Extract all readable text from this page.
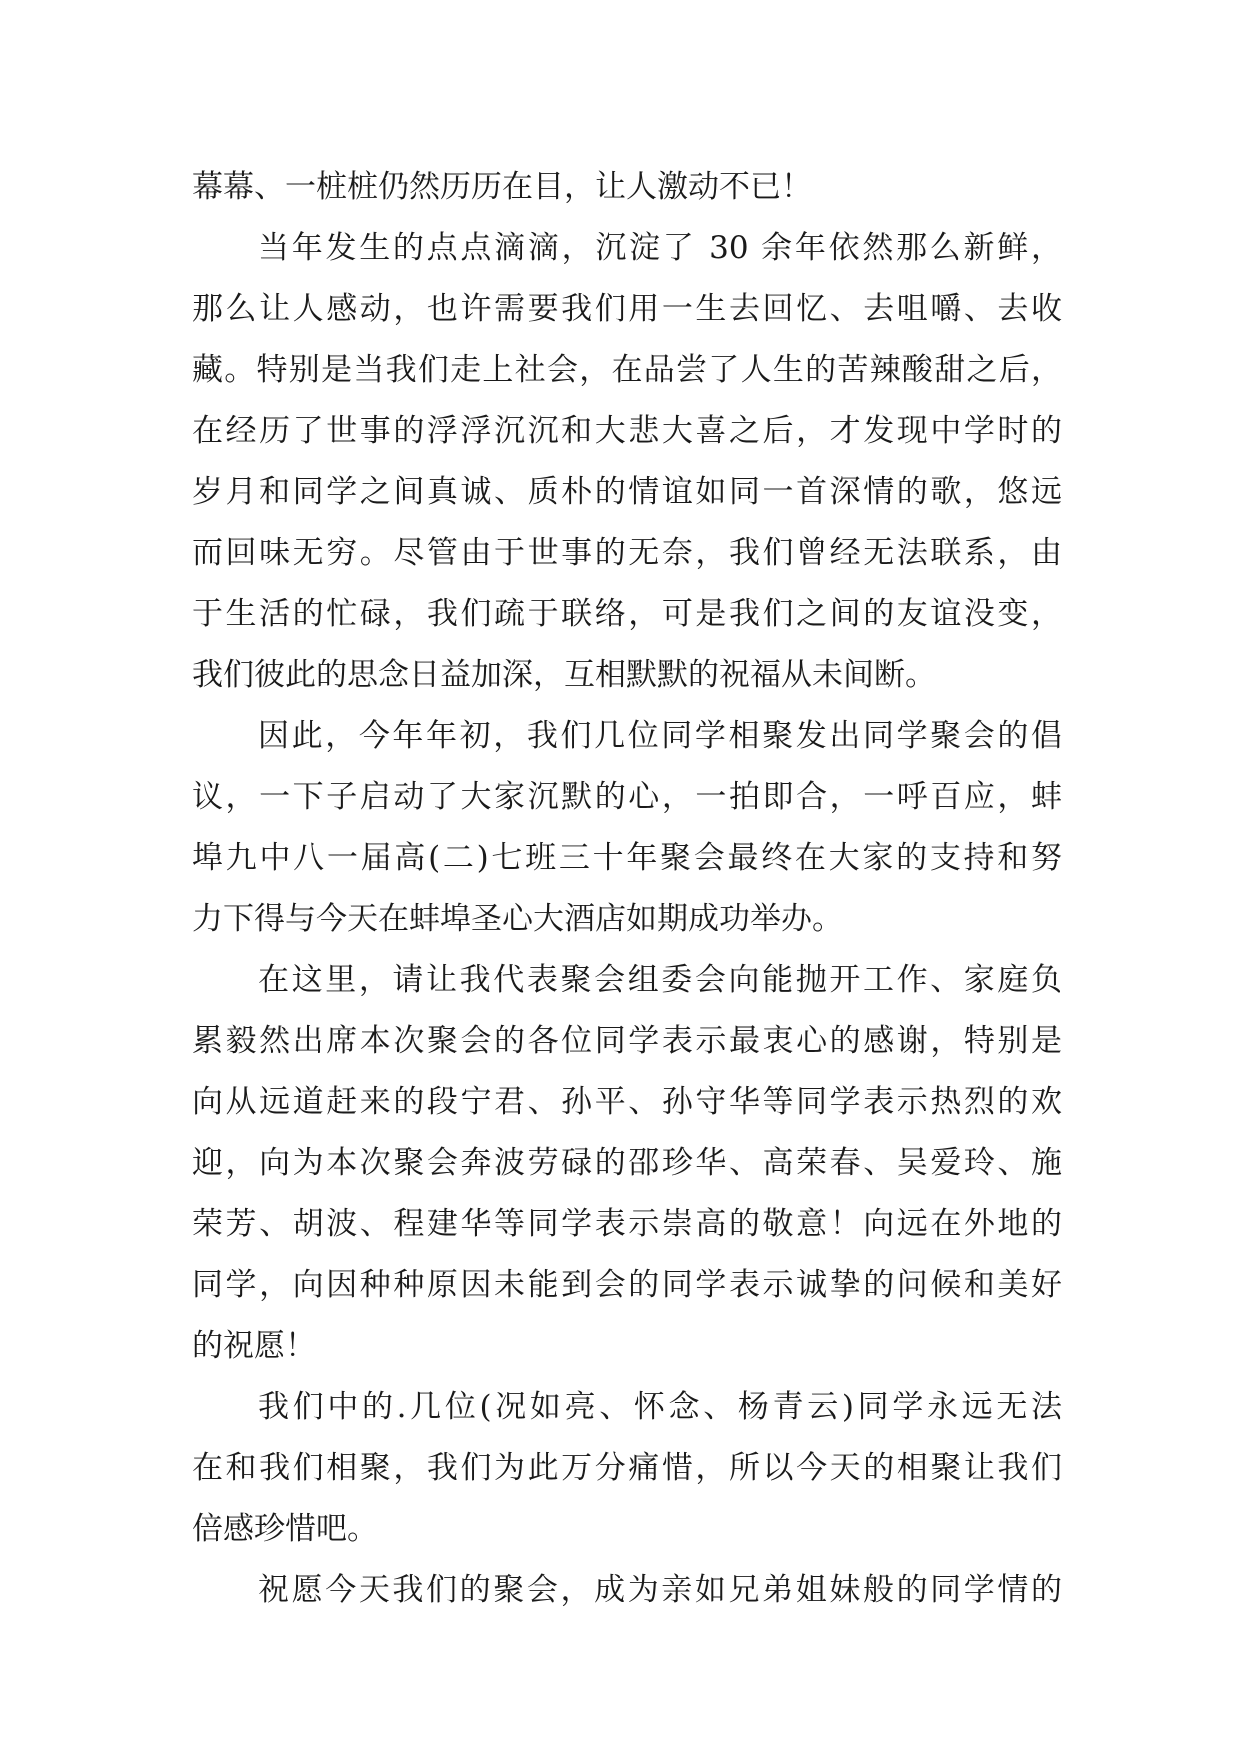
幕幕、一桩桩仍然历历在目，让人激动不已！
当年发生的点点滴滴，沉淀了 30 余年依然那么新鲜，
那么让人感动，也许需要我们用一生去回忆、去咀嚼、去收
藏。特别是当我们走上社会，在品尝了人生的苦辣酸甜之后，
在经历了世事的浮浮沉沉和大悲大喜之后，才发现中学时的
岁月和同学之间真诚、质朴的情谊如同一首深情的歌，悠远
而回味无穷。尽管由于世事的无奈，我们曾经无法联系，由
于生活的忙碌，我们疏于联络，可是我们之间的友谊没变，
我们彼此的思念日益加深，互相默默的祝福从未间断。
因此，今年年初，我们几位同学相聚发出同学聚会的倡
议，一下子启动了大家沉默的心，一拍即合，一呼百应，蚌
埠九中八一届高(二)七班三十年聚会最终在大家的支持和努
力下得与今天在蚌埠圣心大酒店如期成功举办。
在这里，请让我代表聚会组委会向能抛开工作、家庭负
累毅然出席本次聚会的各位同学表示最衷心的感谢，特别是
向从远道赶来的段宁君、孙平、孙守华等同学表示热烈的欢
迎，向为本次聚会奔波劳碌的邵珍华、高荣春、吴爱玲、施
荣芳、胡波、程建华等同学表示崇高的敬意！向远在外地的
同学，向因种种原因未能到会的同学表示诚挚的问候和美好
的祝愿！
我们中的.几位(况如亮、怀念、杨青云)同学永远无法
在和我们相聚，我们为此万分痛惜，所以今天的相聚让我们
倍感珍惜吧。
祝愿今天我们的聚会，成为亲如兄弟姐妹般的同学情的
